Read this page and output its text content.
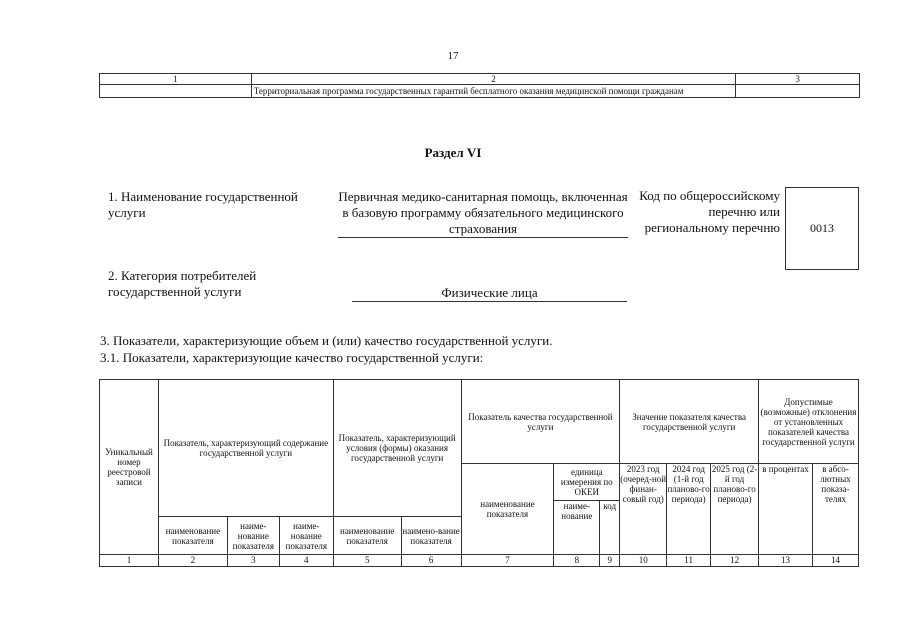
17
1	2	3
	Территориальная программа государственных гарантий бесплатного оказания медицинской помощи гражданам	
Раздел VI
1. Наименование государственной услуги
Первичная медико-санитарная помощь, включенная в базовую программу обязательного медицинского страхования
Код по общероссийскому перечню или региональному перечню	0013
2. Категория потребителей государственной услуги	Физические лица
3. Показатели, характеризующие объем и (или) качество государственной услуги.
3.1. Показатели, характеризующие качество государственной услуги:
Уникальный номер реестровой записи	Показатель, характеризующий содержание государственной услуги			Показатель, характеризующий условия (формы) оказания государственной услуги		Показатель качества государственной услуги			Значение показателя качества государственной услуги			Допустимые (возможные) отклонения от установленных показателей качества государственной услуги	
						наименование показателя	единица измерения по ОКЕИ		2023 год (очеред-ной финан-совый год)	2024 год (1-й год планово-го периода)	2025 год (2-й год планово-го периода)	в процентах	в абсо-лютных показа-телях
							наиме-нование	код					
	наименование показателя	наиме-нование показателя	наиме-нование показателя	наименование показателя	наимено-вание показателя								
1	2	3	4	5	6	7	8	9	10	11	12	13	14
